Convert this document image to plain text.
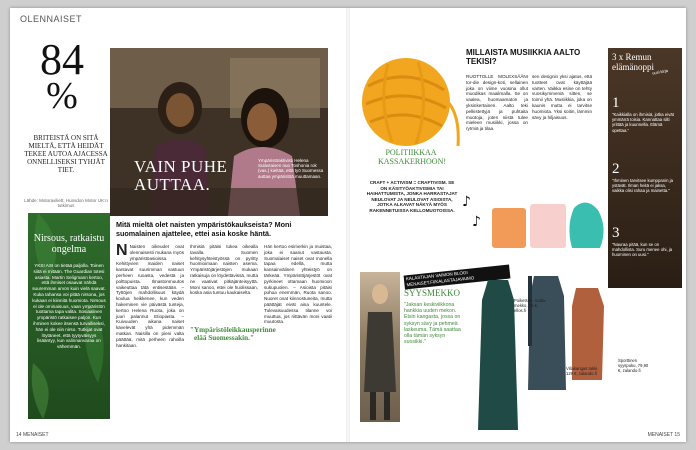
OLENNAISET
84
%
BRITEISTÄ ON SITÄ MIELTÄ, ETTÄ HEIDÄT TEKEE AUTOA AJACESSA ONNELLISEKSI TYHJÄT TIET.
Lähde: Motoraviliett, Hunsdon Motor UK:n tutkimus
VAIN PUHE AUTTAA.
Ympäristöaktivisti Helena Sulavtaisen nuo Toshonia rok (vas.) kieltää, että työ Suomessa auttaa ympäristöä muuttamaan.
Nirsous, ratkaistu ongelma
YKSI ASI on tietää paljolla. Toinen siitä ei mitään. The Guardian totesi asiasta. Martin Seligmann kertoo, että ihmiset osaavat nähdä suuremman arvon kuin vielä saavat. Kuka tahansa voi pitää nirsona, jos kukaan ei kiinnitä huomiota. Nirsous ei ole ominaisuus, vaan ympäristön tuottama tapa valita. Sosiaalinen ympäristö ratkaisee paljon. Kun ihminen kokee itsensä turvalliseksi, hän ei ole niin nirso. Tutkijat ovat löytäneet, että tyytyväisyys lisääntyy, kun valinnanvaraa on vähemmän.
Mitä mieltä olet naisten ympäristökaukseista? Moni suomalainen ajattelee, ettei asia koske häntä.
N Naisten oikeudet ovat olennaisesti mukana myös ympäristöasioissa. Kehittyvien maiden naiset kantavat suurimman vastuun perheen ruoasta, vedestä ja polttopuista. Ilmastonmuutos vaikeuttaa tätä entisestään. – Tyttöjen mahdollisuus käydä koulua heikkenee, kun veden hakeminen vie päivästä tunteja, kertoo Helena Ruota, joka on juuri palannut Etiopiasta. – Kuivuuden aikana naiset kävelevät yhä pidemmän matkan. Naisilla on pieni valta päättää, mitä perheen rahoilla hankitaan.
Ihmisiä pitäisi tukea oikealla tavalla. Suomen kehitysyhteistyössä on pyritty huomioimaan naisten asema. Ympäristöjärjestöjen mukaan ratkaisuja on löydettävissä, mutta ne vaativat pitkäjänteisyyttä. Moni sanoo, ettei ole huolissaan, koska asia tuntuu kaukaiselta.
"Ympäristöleikkausperinne elää Suomessakin."
Hän kertoo esimerkin ja muistaa, joka ei saanut vastausta. Suomalaiset naiset ovat monella tapaa edellä, mutta kansainvälinen yhteistyö on tärkeää. Ympäristöjärjestöt ovat pyrkineet ottamaan huomioon sukupuolen. – Asioista pitäisi puhua enemmän, Ruota sanoo. Nuoret ovat kiinnostuneita, mutta päättäjät eivät aina kuuntele. Tulevaisuudessa tilanne voi muuttua, jos riittävän moni vaatii muutosta.
14 MENAISET
POLITIIKKAA KASSAKERHOON!
CRAFT + ACTIVISM = CRAFTIVISM. SE ON KÄSITYÖAKTIVISMIA TAI HAIHATTUMISTA, JONKA HARRASTAJAT NEULOVAT JA NEULOVAT ASIOISTA, JOTKA ALKAVAT NÄKYÄ MYÖS RAKENNETUISSA KELLOMUOTOISSA.
MILLAISTA MUSIIKKIA AALTO TEKISI?
RUOTTOLLE MOLEXSÄÄNI tor-die design-koti, sellainen joka on viime vuosina ollut muodikas maailmalla. Se on vaalea, huomaamaton ja yksinkertainen. Aalto teki pelkistettyjä ja puhtaita muotoja, joten niistä tulee mieleen musiikki, jossa on rytmiä ja tilaa.
sen designin yksi ajatus, että tuotteet ovat käyttäjää varten. Vaikka esine on tehty vuosikymmeniä sitten, se toimii yhä. Musiikkia, joka on kaunis mutta ei tarvitse huomiota. Yksi soitin, lämmin sävy ja hiljaisuus.
♪
♪
3 x Remun elämänoppi
uusi kirja
1
"Kaikkialla on ihmisiä, jotka eivät ymmärrä toisia. Kannattaa silti yrittää ja kuunnella. Elämä opettaa."
2
"Ihminen tarvitsee kumppanin ja ystävät. Ilman heitä ei jaksa, vaikka olisi rahaa ja mainetta."
3
"Nauraa pitää, kun se on mahdollista. Suru menee ohi, ja huominen on uusi."
KALASTAJAN VAIMON BLOGI MENAISET.FI/KALASTAJAVAIMO
SYYSMEKKO
"Jaksan keskiviikkona hankkia uuden mekon. Etsin kangasta, jossa on syksyn sävy ja pehmeä laskeuma. Tämä saattaa olla tämän syksyn suosikki."
Poiketsuk- malla-mekko, 25 €, ellos.fi
Villakangas takki, 129 €, zalando.fi
Sporttinen syyspuku, 79,90 €, zalando.fi
MENAISET 15
